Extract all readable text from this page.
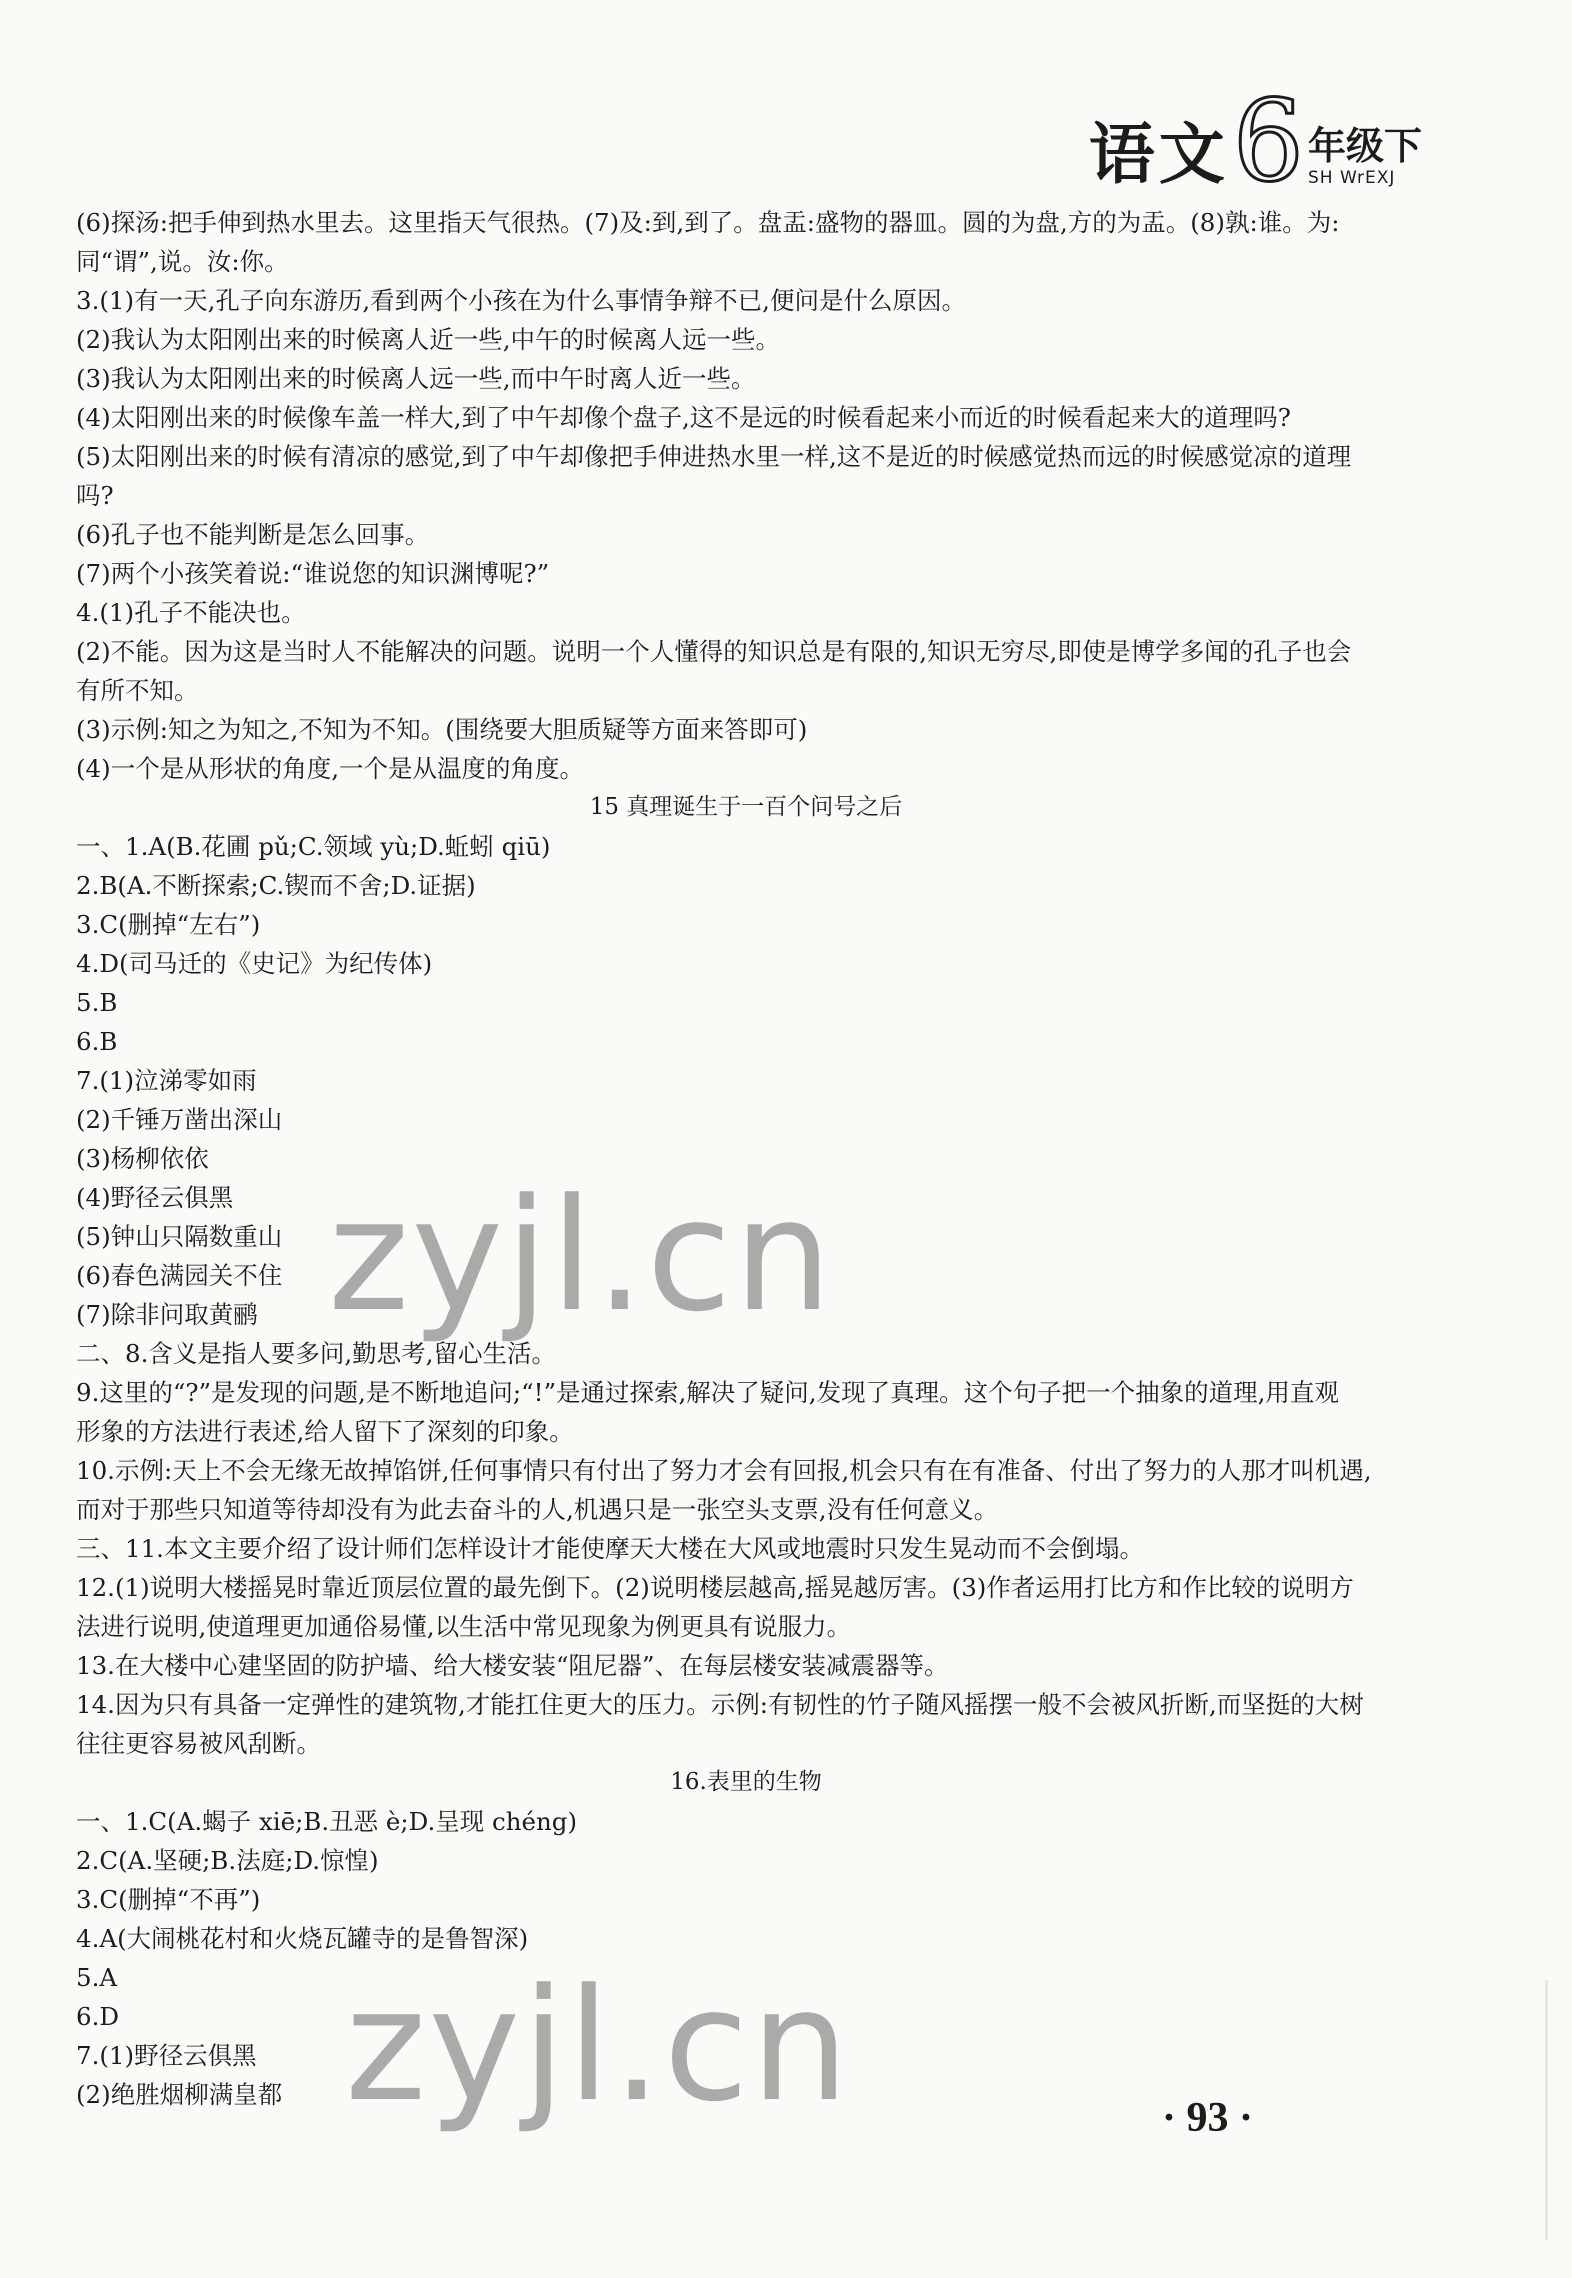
语文 6 年级下
SH WrEXJ
(6)探汤:把手伸到热水里去。这里指天气很热。(7)及:到,到了。盘盂:盛物的器皿。圆的为盘,方的为盂。(8)孰:谁。为:
同“谓”,说。汝:你。
3.(1)有一天,孔子向东游历,看到两个小孩在为什么事情争辩不已,便问是什么原因。
(2)我认为太阳刚出来的时候离人近一些,中午的时候离人远一些。
(3)我认为太阳刚出来的时候离人远一些,而中午时离人近一些。
(4)太阳刚出来的时候像车盖一样大,到了中午却像个盘子,这不是远的时候看起来小而近的时候看起来大的道理吗?
(5)太阳刚出来的时候有清凉的感觉,到了中午却像把手伸进热水里一样,这不是近的时候感觉热而远的时候感觉凉的道理
吗?
(6)孔子也不能判断是怎么回事。
(7)两个小孩笑着说:“谁说您的知识渊博呢?”
4.(1)孔子不能决也。
(2)不能。因为这是当时人不能解决的问题。说明一个人懂得的知识总是有限的,知识无穷尽,即使是博学多闻的孔子也会
有所不知。
(3)示例:知之为知之,不知为不知。(围绕要大胆质疑等方面来答即可)
(4)一个是从形状的角度,一个是从温度的角度。
15 真理诞生于一百个问号之后
一、1.A(B.花圃 pǔ;C.领域 yù;D.蚯蚓 qiū)
2.B(A.不断探索;C.锲而不舍;D.证据)
3.C(删掉“左右”)
4.D(司马迁的《史记》为纪传体)
5.B
6.B
7.(1)泣涕零如雨
(2)千锤万凿出深山
(3)杨柳依依
(4)野径云俱黑
(5)钟山只隔数重山
(6)春色满园关不住
(7)除非问取黄鹂
二、8.含义是指人要多问,勤思考,留心生活。
9.这里的“?”是发现的问题,是不断地追问;“!”是通过探索,解决了疑问,发现了真理。这个句子把一个抽象的道理,用直观
形象的方法进行表述,给人留下了深刻的印象。
10.示例:天上不会无缘无故掉馅饼,任何事情只有付出了努力才会有回报,机会只有在有准备、付出了努力的人那才叫机遇,
而对于那些只知道等待却没有为此去奋斗的人,机遇只是一张空头支票,没有任何意义。
三、11.本文主要介绍了设计师们怎样设计才能使摩天大楼在大风或地震时只发生晃动而不会倒塌。
12.(1)说明大楼摇晃时靠近顶层位置的最先倒下。(2)说明楼层越高,摇晃越厉害。(3)作者运用打比方和作比较的说明方
法进行说明,使道理更加通俗易懂,以生活中常见现象为例更具有说服力。
13.在大楼中心建坚固的防护墙、给大楼安装“阻尼器”、在每层楼安装减震器等。
14.因为只有具备一定弹性的建筑物,才能扛住更大的压力。示例:有韧性的竹子随风摇摆一般不会被风折断,而坚挺的大树
往往更容易被风刮断。
16.表里的生物
一、1.C(A.蝎子 xiē;B.丑恶 è;D.呈现 chéng)
2.C(A.坚硬;B.法庭;D.惊惶)
3.C(删掉“不再”)
4.A(大闹桃花村和火烧瓦罐寺的是鲁智深)
5.A
6.D
7.(1)野径云俱黑
(2)绝胜烟柳满皇都
zyjl.cn
zyjl.cn	· 93 ·
